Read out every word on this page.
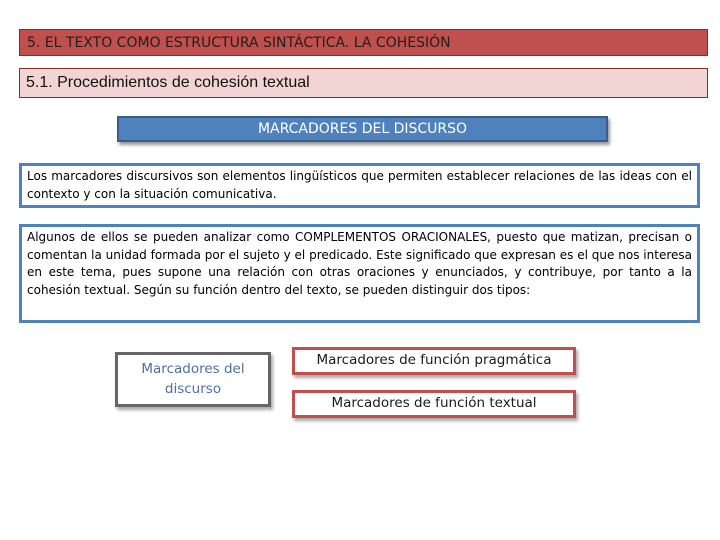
5. EL TEXTO COMO ESTRUCTURA SINTÁCTICA. LA COHESIÓN
5.1. Procedimientos de cohesión textual
MARCADORES DEL DISCURSO
Los marcadores discursivos son elementos lingüísticos que permiten establecer relaciones de las ideas con el contexto y con la situación comunicativa.
Algunos de ellos se pueden analizar como COMPLEMENTOS ORACIONALES, puesto que matizan, precisan o comentan la unidad formada por el sujeto y el predicado. Este significado que expresan es el que nos interesa en este tema, pues supone una relación con otras oraciones y enunciados, y contribuye, por tanto a la cohesión textual. Según su función dentro del texto, se pueden distinguir dos tipos:
Marcadores del discurso
Marcadores de función pragmática
Marcadores de función textual
